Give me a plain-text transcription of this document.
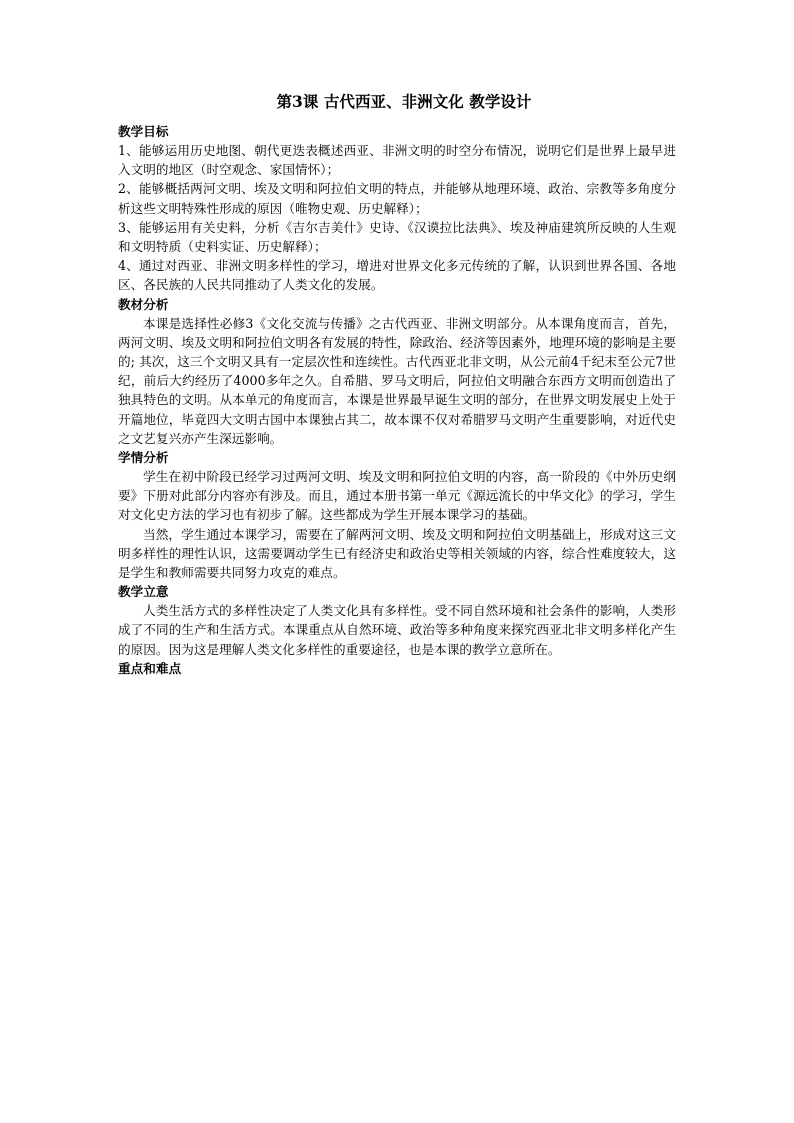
第3课 古代西亚、非洲文化 教学设计

教学目标

1、能够运用历史地图、朝代更迭表概述西亚、非洲文明的时空分布情况，说明它们是世界上最早进入文明的地区（时空观念、家国情怀）；

2、能够概括两河文明、埃及文明和阿拉伯文明的特点，并能够从地理环境、政治、宗教等多角度分析这些文明特殊性形成的原因（唯物史观、历史解释）；

3、能够运用有关史料，分析《吉尔吉美什》史诗、《汉谟拉比法典》、埃及神庙建筑所反映的人生观和文明特质（史料实证、历史解释）；

4、通过对西亚、非洲文明多样性的学习，增进对世界文化多元传统的了解，认识到世界各国、各地区、各民族的人民共同推动了人类文化的发展。

教材分析

本课是选择性必修3《文化交流与传播》之古代西亚、非洲文明部分。从本课角度而言，首先，两河文明、埃及文明和阿拉伯文明各有发展的特性，除政治、经济等因素外，地理环境的影响是主要的; 其次，这三个文明又具有一定层次性和连续性。古代西亚北非文明，从公元前4千纪末至公元7世纪，前后大约经历了4000多年之久。自希腊、罗马文明后，阿拉伯文明融合东西方文明而创造出了独具特色的文明。从本单元的角度而言，本课是世界最早诞生文明的部分，在世界文明发展史上处于开篇地位，毕竟四大文明古国中本课独占其二，故本课不仅对希腊罗马文明产生重要影响，对近代史之文艺复兴亦产生深远影响。

学情分析

学生在初中阶段已经学习过两河文明、埃及文明和阿拉伯文明的内容，高一阶段的《中外历史纲要》下册对此部分内容亦有涉及。而且，通过本册书第一单元《源远流长的中华文化》的学习，学生对文化史方法的学习也有初步了解。这些都成为学生开展本课学习的基础。

当然，学生通过本课学习，需要在了解两河文明、埃及文明和阿拉伯文明基础上，形成对这三文明多样性的理性认识，这需要调动学生已有经济史和政治史等相关领域的内容，综合性难度较大，这是学生和教师需要共同努力攻克的难点。

教学立意

人类生活方式的多样性决定了人类文化具有多样性。受不同自然环境和社会条件的影响，人类形成了不同的生产和生活方式。本课重点从自然环境、政治等多种角度来探究西亚北非文明多样化产生的原因。因为这是理解人类文化多样性的重要途径，也是本课的教学立意所在。

重点和难点
